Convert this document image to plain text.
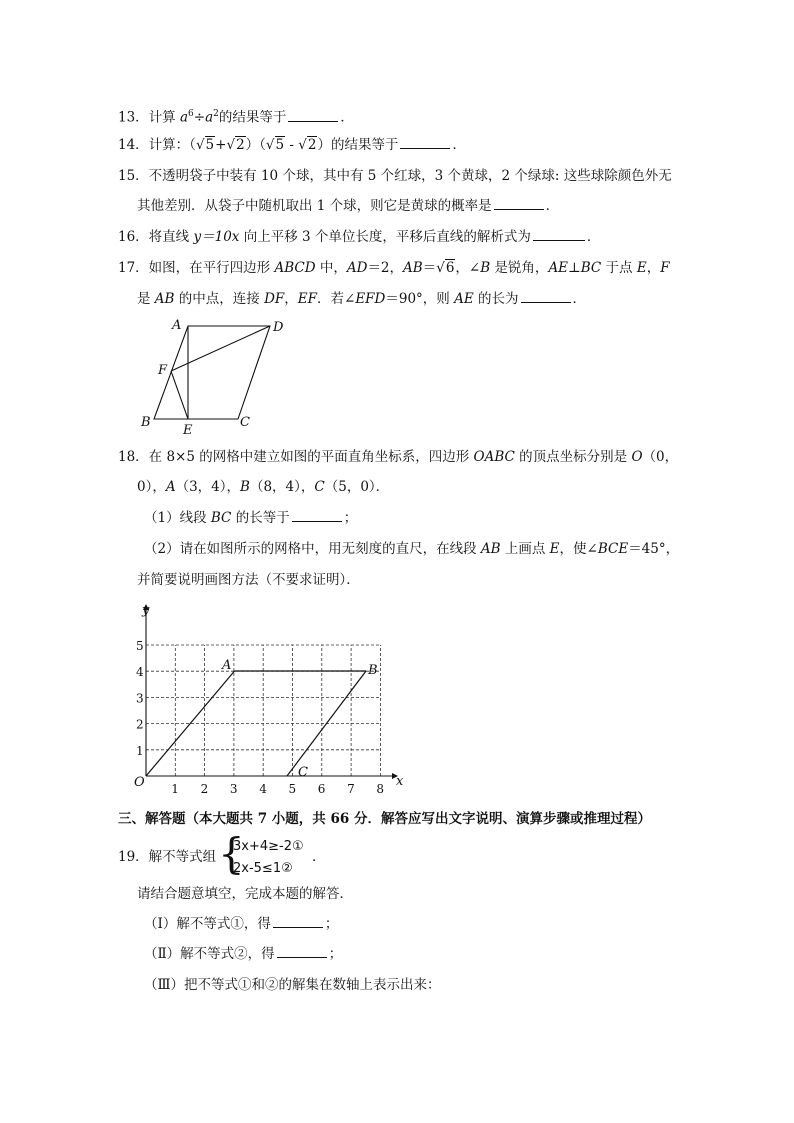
13．计算 $a^6\div a^2$的结果等于	．
14．计算：（√5+√2）（√5 - √2）的结果等于	．
15．不透明袋子中装有 10 个球，其中有 5 个红球，3 个黄球，2 个绿球: 这些球除颜色外无
其他差别．从袋子中随机取出 1 个球，则它是黄球的概率是	．
16．将直线 y＝10x 向上平移 3 个单位长度，平移后直线的解析式为	．
17．如图，在平行四边形 ABCD 中，AD＝2，AB＝√6，∠B 是锐角，AE⊥BC 于点 E，F
是 AB 的中点，连接 DF，EF．若∠EFD＝90°，则 AE 的长为	．
A	D
F
B
E
C
18．在 8×5 的网格中建立如图的平面直角坐标系，四边形 OABC 的顶点坐标分别是 O（0，
0），A（3，4），B（8，4），C（5，0）．
（1）线段 BC 的长等于	；
（2）请在如图所示的网格中，用无刻度的直尺，在线段 AB 上画点 E，使∠BCE＝45°，
并简要说明画图方法（不要求证明）．
1 2 3 4 5 6 7 8
1
2
3
4
5
x
y
O
A	B
C
三、解答题（本大题共 7 小题，共 66 分．解答应写出文字说明、演算步骤或推理过程）
19．解不等式组 {
3x+4≥-2①
2x-5≤1②
．
请结合题意填空，完成本题的解答．
（Ⅰ）解不等式①，得	；
（Ⅱ）解不等式②，得	；
（Ⅲ）把不等式①和②的解集在数轴上表示出来：
